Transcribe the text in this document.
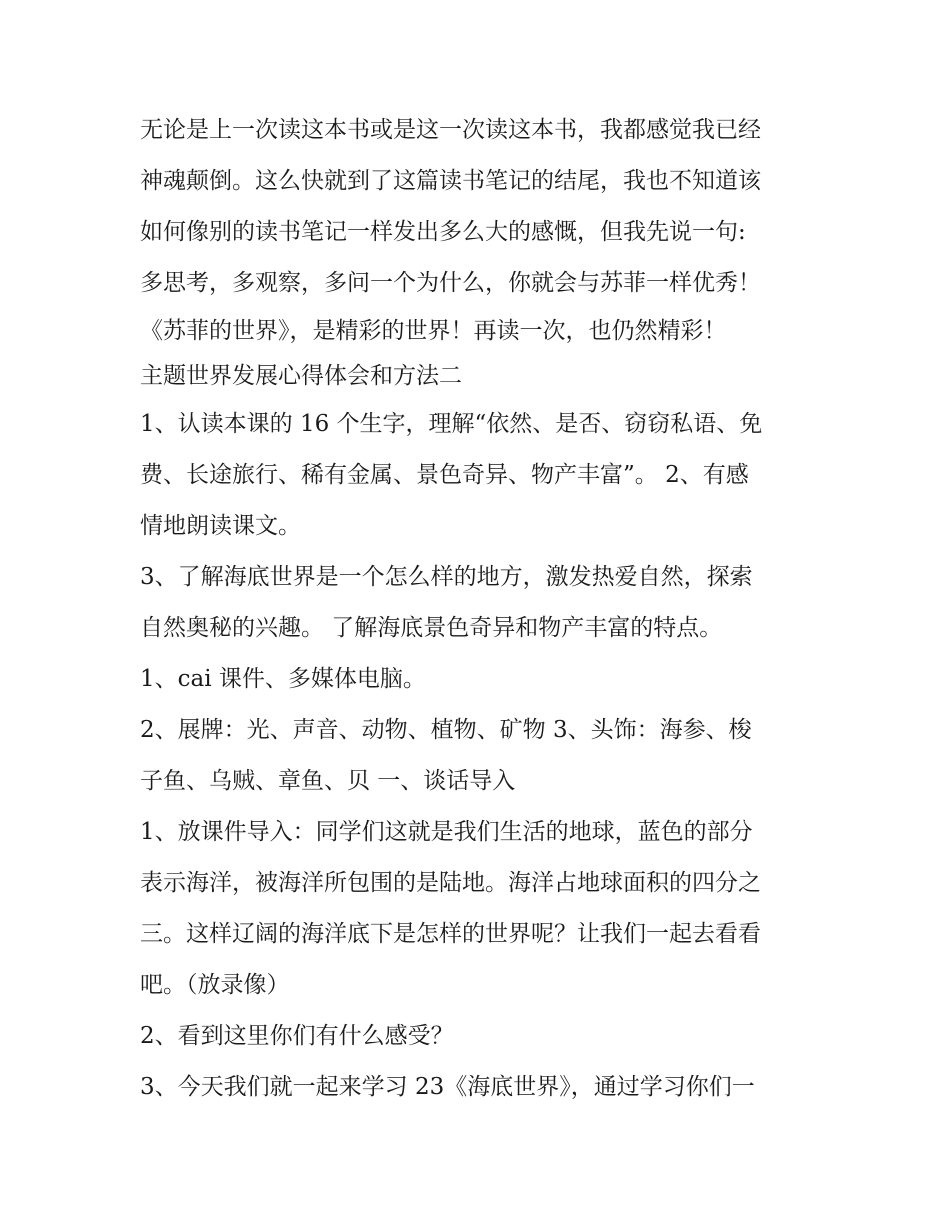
无论是上一次读这本书或是这一次读这本书，我都感觉我已经

神魂颠倒。这么快就到了这篇读书笔记的结尾，我也不知道该

如何像别的读书笔记一样发出多么大的感慨，但我先说一句:

多思考，多观察，多问一个为什么，你就会与苏菲一样优秀！

《苏菲的世界》，是精彩的世界！再读一次，也仍然精彩！

主题世界发展心得体会和方法二

1、认读本课的 16 个生字，理解“依然、是否、窃窃私语、免

费、长途旅行、稀有金属、景色奇异、物产丰富”。 2、有感

情地朗读课文。

3、了解海底世界是一个怎么样的地方，激发热爱自然，探索

自然奥秘的兴趣。 了解海底景色奇异和物产丰富的特点。

1、cai 课件、多媒体电脑。

2、展牌：光、声音、动物、植物、矿物 3、头饰：海参、梭

子鱼、乌贼、章鱼、贝 一、谈话导入

1、放课件导入：同学们这就是我们生活的地球，蓝色的部分

表示海洋，被海洋所包围的是陆地。海洋占地球面积的四分之

三。这样辽阔的海洋底下是怎样的世界呢？让我们一起去看看

吧。（放录像）

2、看到这里你们有什么感受？

3、今天我们就一起来学习 23《海底世界》，通过学习你们一
